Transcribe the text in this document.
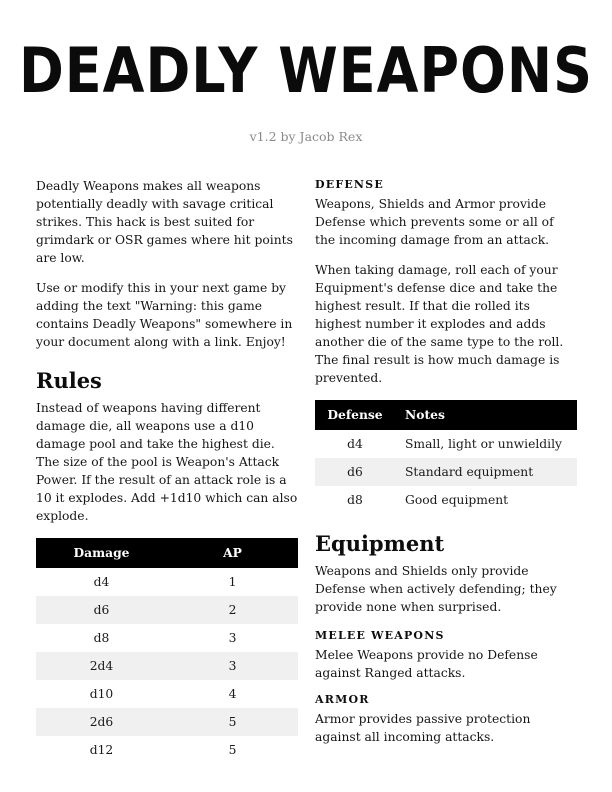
DEADLY WEAPONS
v1.2 by Jacob Rex

Deadly Weapons makes all weapons potentially deadly with savage critical strikes. This hack is best suited for grimdark or OSR games where hit points are low.

Use or modify this in your next game by adding the text "Warning: this game contains Deadly Weapons" somewhere in your document along with a link. Enjoy!

Rules

Instead of weapons having different damage die, all weapons use a d10 damage pool and take the highest die. The size of the pool is Weapon's Attack Power. If the result of an attack role is a 10 it explodes. Add +1d10 which can also explode.

Damage	AP
d4	1
d6	2
d8	3
2d4	3
d10	4
2d6	5
d12	5
DEFENSE

Weapons, Shields and Armor provide Defense which prevents some or all of the incoming damage from an attack.

When taking damage, roll each of your Equipment's defense dice and take the highest result. If that die rolled its highest number it explodes and adds another die of the same type to the roll. The final result is how much damage is prevented.

Defense	Notes
d4	Small, light or unwieldily
d6	Standard equipment
d8	Good equipment
Equipment

Weapons and Shields only provide Defense when actively defending; they provide none when surprised.

MELEE WEAPONS

Melee Weapons provide no Defense against Ranged attacks.

ARMOR

Armor provides passive protection against all incoming attacks.
